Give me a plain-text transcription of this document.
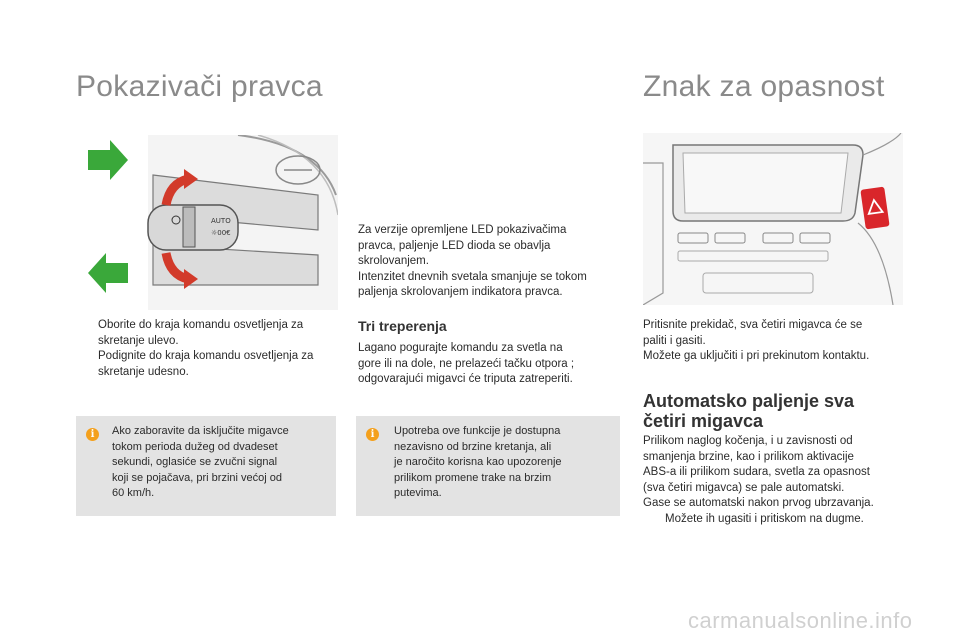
Pokazivači pravca
AUTO
☼00€
Oborite do kraja komandu osvetljenja za skretanje ulevo.
Podignite do kraja komandu osvetljenja za skretanje udesno.
i	Ako zaboravite da isključite migavce
tokom perioda dužeg od dvadeset
sekundi, oglasiće se zvučni signal
koji se pojačava, pri brzini većoj od
60 km/h.
Za verzije opremljene LED pokazivačima
pravca, paljenje LED dioda se obavlja
skrolovanjem.
Intenzitet dnevnih svetala smanjuje se tokom
paljenja skrolovanjem indikatora pravca.
Tri treperenja
Lagano pogurajte komandu za svetla na
gore ili na dole, ne prelazeći tačku otpora ;
odgovarajući migavci će triputa zatreperiti.
i	Upotreba ove funkcije je dostupna
nezavisno od brzine kretanja, ali
je naročito korisna kao upozorenje
prilikom promene trake na brzim
putevima.
Znak za opasnost
Pritisnite prekidač, sva četiri migavca će se
paliti i gasiti.
Možete ga uključiti i pri prekinutom kontaktu.
Automatsko paljenje sva
četiri migavca
Prilikom naglog kočenja, i u zavisnosti od
smanjenja brzine, kao i prilikom aktivacije
ABS-a ili prilikom sudara, svetla za opasnost
(sva četiri migavca) se pale automatski.
Gase se automatski nakon prvog ubrzavanja.
Možete ih ugasiti i pritiskom na dugme.
carmanualsonline.info
